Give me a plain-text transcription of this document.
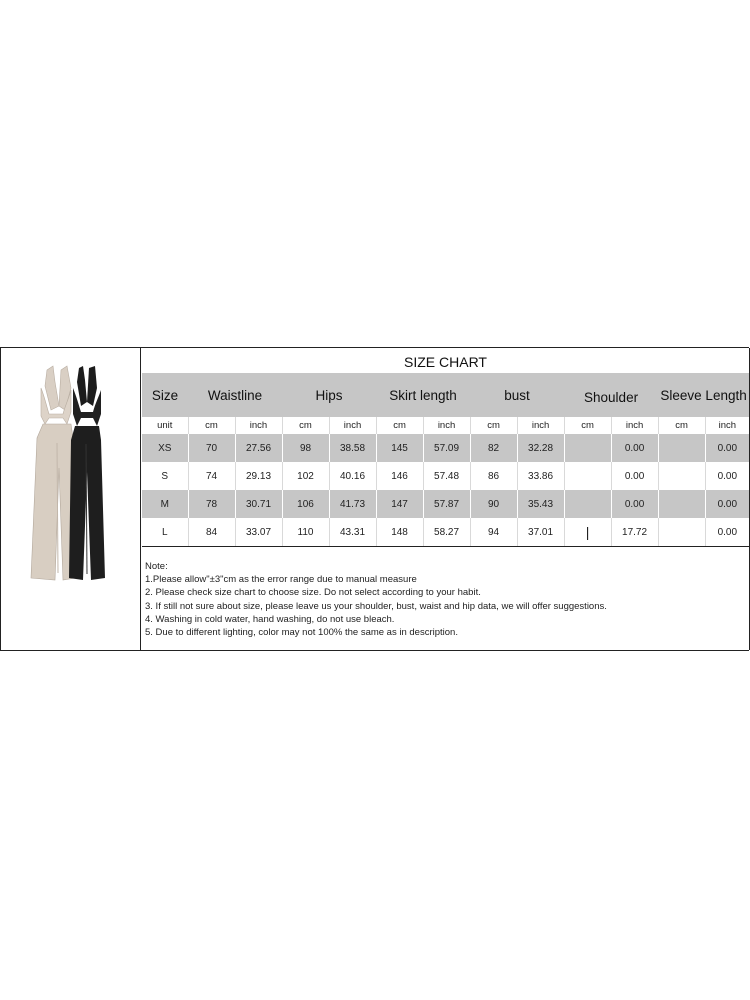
SIZE CHART
Size	Waistline		Hips		Skirt length		bust		Shoulder		Sleeve Length	
unit	cm	inch	cm	inch	cm	inch	cm	inch	cm	inch	cm	inch
XS	70	27.56	98	38.58	145	57.09	82	32.28		0.00		0.00
S	74	29.13	102	40.16	146	57.48	86	33.86		0.00		0.00
M	78	30.71	106	41.73	147	57.87	90	35.43		0.00		0.00
L	84	33.07	110	43.31	148	58.27	94	37.01	|	17.72		0.00
Note:
1.Please allow"±3"cm as the error range due to manual measure
2. Please check size chart to choose size. Do not select according to your habit.
3. If still not sure about size, please leave us your shoulder, bust, waist and hip data, we will offer suggestions.
4. Washing in cold water, hand washing, do not use bleach.
5. Due to different lighting, color may not 100% the same as in description.
